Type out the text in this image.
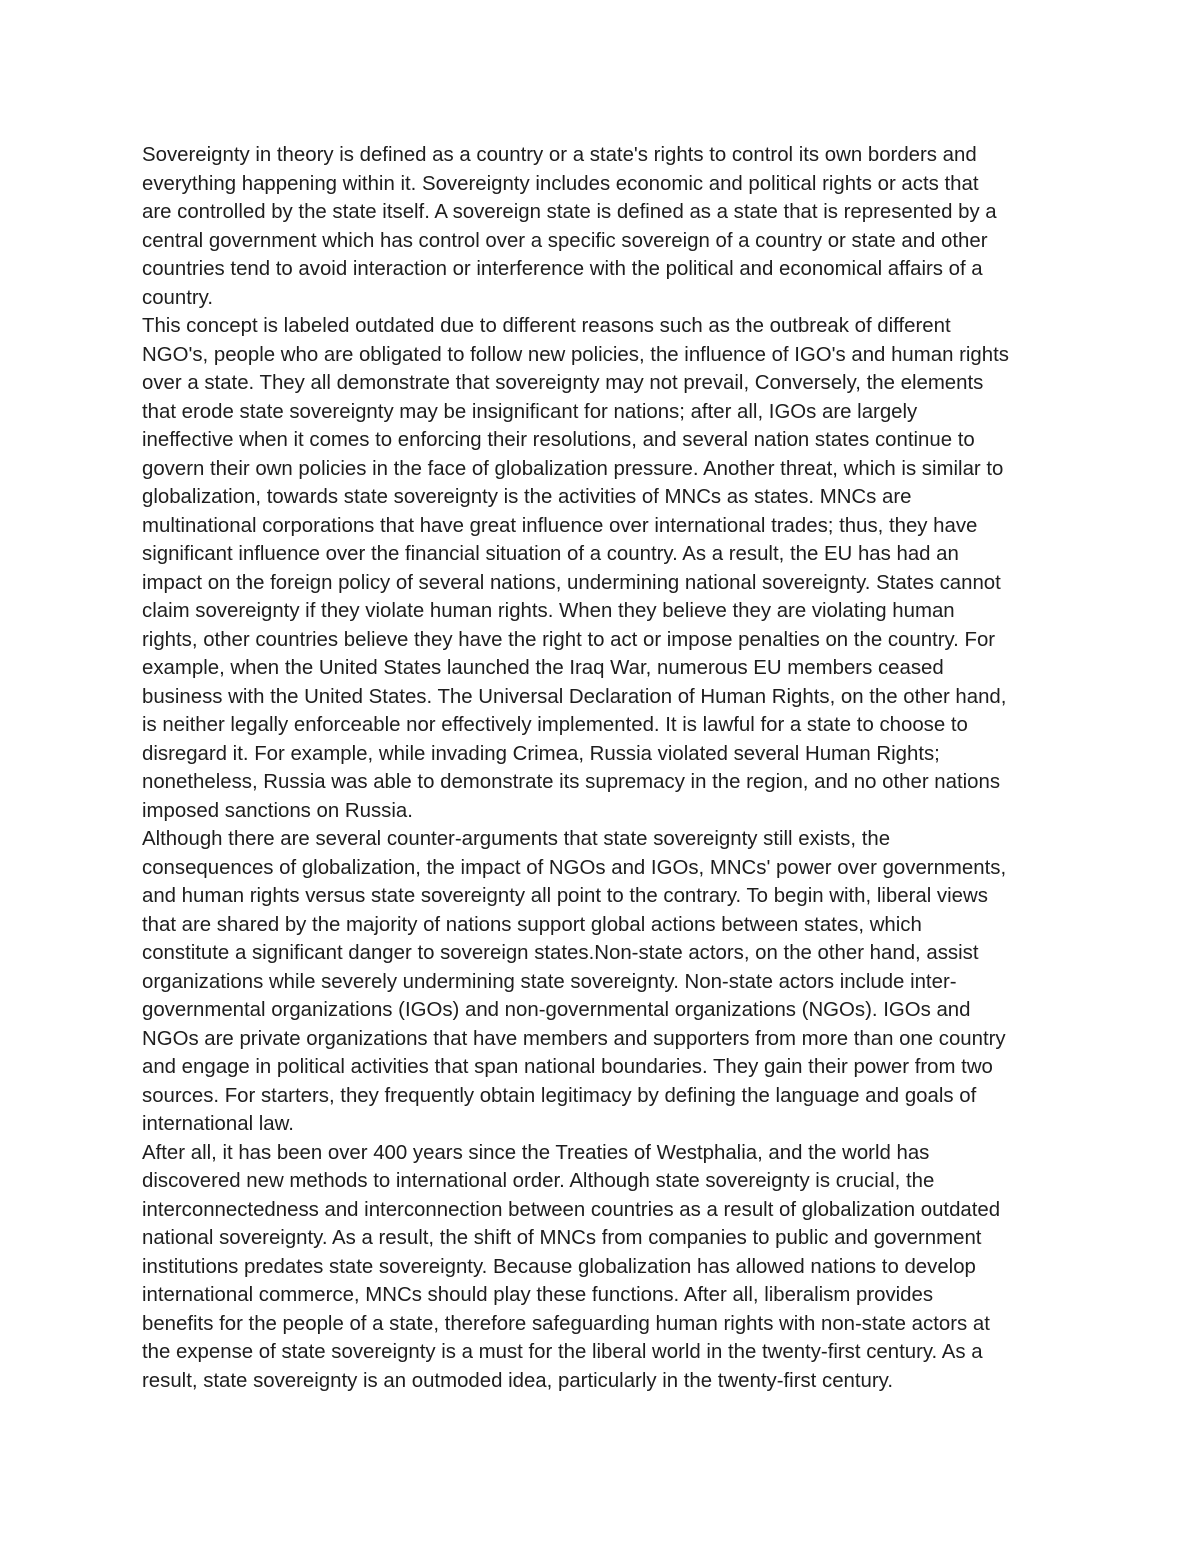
Sovereignty in theory is defined as a country or a state's rights to control its own borders and
everything happening within it. Sovereignty includes economic and political rights or acts that
are controlled by the state itself. A sovereign state is defined as a state that is represented by a
central government which has control over a specific sovereign of a country or state and other
countries tend to avoid interaction or interference with the political and economical affairs of a
country.
This concept is labeled outdated due to different reasons such as the outbreak of different
NGO's, people who are obligated to follow new policies, the influence of IGO's and human rights
over a state. They all demonstrate that sovereignty may not prevail, Conversely, the elements
that erode state sovereignty may be insignificant for nations; after all, IGOs are largely
ineffective when it comes to enforcing their resolutions, and several nation states continue to
govern their own policies in the face of globalization pressure. Another threat, which is similar to
globalization, towards state sovereignty is the activities of MNCs as states. MNCs are
multinational corporations that have great influence over international trades; thus, they have
significant influence over the financial situation of a country. As a result, the EU has had an
impact on the foreign policy of several nations, undermining national sovereignty. States cannot
claim sovereignty if they violate human rights. When they believe they are violating human
rights, other countries believe they have the right to act or impose penalties on the country. For
example, when the United States launched the Iraq War, numerous EU members ceased
business with the United States. The Universal Declaration of Human Rights, on the other hand,
is neither legally enforceable nor effectively implemented. It is lawful for a state to choose to
disregard it. For example, while invading Crimea, Russia violated several Human Rights;
nonetheless, Russia was able to demonstrate its supremacy in the region, and no other nations
imposed sanctions on Russia.
Although there are several counter-arguments that state sovereignty still exists, the
consequences of globalization, the impact of NGOs and IGOs, MNCs' power over governments,
and human rights versus state sovereignty all point to the contrary. To begin with, liberal views
that are shared by the majority of nations support global actions between states, which
constitute a significant danger to sovereign states.Non-state actors, on the other hand, assist
organizations while severely undermining state sovereignty. Non-state actors include inter-
governmental organizations (IGOs) and non-governmental organizations (NGOs). IGOs and
NGOs are private organizations that have members and supporters from more than one country
and engage in political activities that span national boundaries. They gain their power from two
sources. For starters, they frequently obtain legitimacy by defining the language and goals of
international law.
After all, it has been over 400 years since the Treaties of Westphalia, and the world has
discovered new methods to international order. Although state sovereignty is crucial, the
interconnectedness and interconnection between countries as a result of globalization outdated
national sovereignty. As a result, the shift of MNCs from companies to public and government
institutions predates state sovereignty. Because globalization has allowed nations to develop
international commerce, MNCs should play these functions. After all, liberalism provides
benefits for the people of a state, therefore safeguarding human rights with non-state actors at
the expense of state sovereignty is a must for the liberal world in the twenty-first century. As a
result, state sovereignty is an outmoded idea, particularly in the twenty-first century.
